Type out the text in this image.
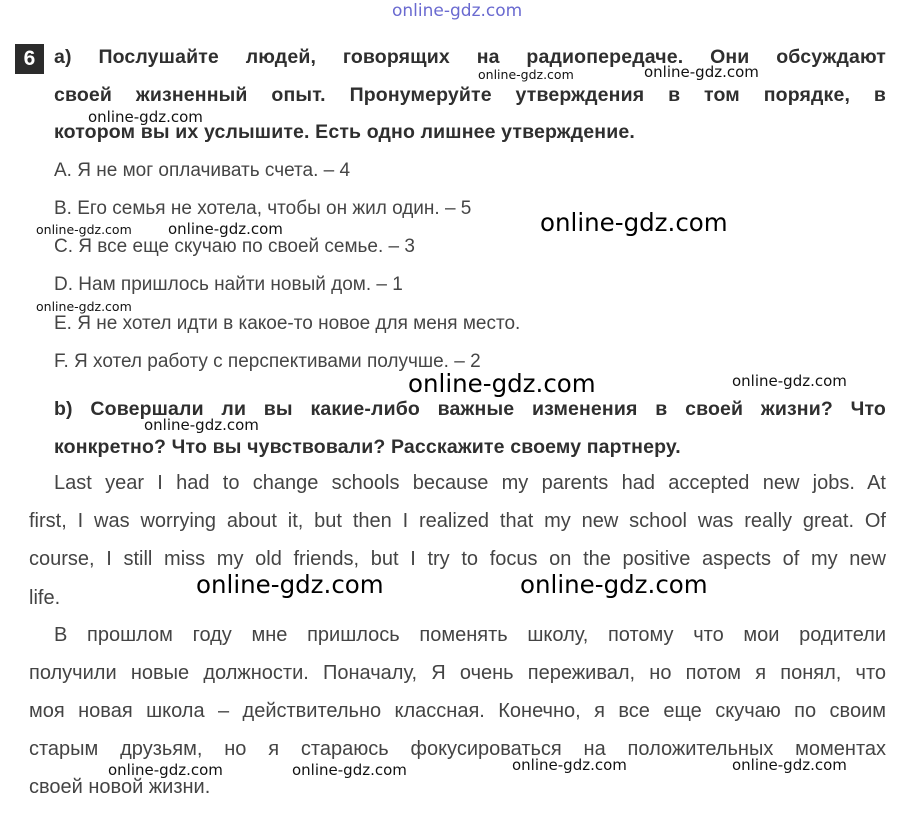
online-gdz.com
6 a) Послушайте людей, говорящих на радиопередаче. Они обсуждают
своей жизненный опыт. Пронумеруйте утверждения в том порядке, в
котором вы их услышите. Есть одно лишнее утверждение.
A. Я не мог оплачивать счета. – 4
B. Его семья не хотела, чтобы он жил один. – 5
C. Я все еще скучаю по своей семье. – 3
D. Нам пришлось найти новый дом. – 1
E. Я не хотел идти в какое-то новое для меня место.
F. Я хотел работу с перспективами получше. – 2
b) Совершали ли вы какие-либо важные изменения в своей жизни? Что
конкретно? Что вы чувствовали? Расскажите своему партнеру.
Last year I had to change schools because my parents had accepted new jobs. At
first, I was worrying about it, but then I realized that my new school was really great. Of
course, I still miss my old friends, but I try to focus on the positive aspects of my new
life.
В прошлом году мне пришлось поменять школу, потому что мои родители
получили новые должности. Поначалу, Я очень переживал, но потом я понял, что
моя новая школа – действительно классная. Конечно, я все еще скучаю по своим
старым друзьям, но я стараюсь фокусироваться на положительных моментах
своей новой жизни.
online-gdz.com	online-gdz.com
online-gdz.com
online-gdz.com online-gdz.com	online-gdz.com
online-gdz.com
online-gdz.com	online-gdz.com
online-gdz.com
online-gdz.com	online-gdz.com
online-gdz.com	online-gdz.com	online-gdz.com	online-gdz.com
